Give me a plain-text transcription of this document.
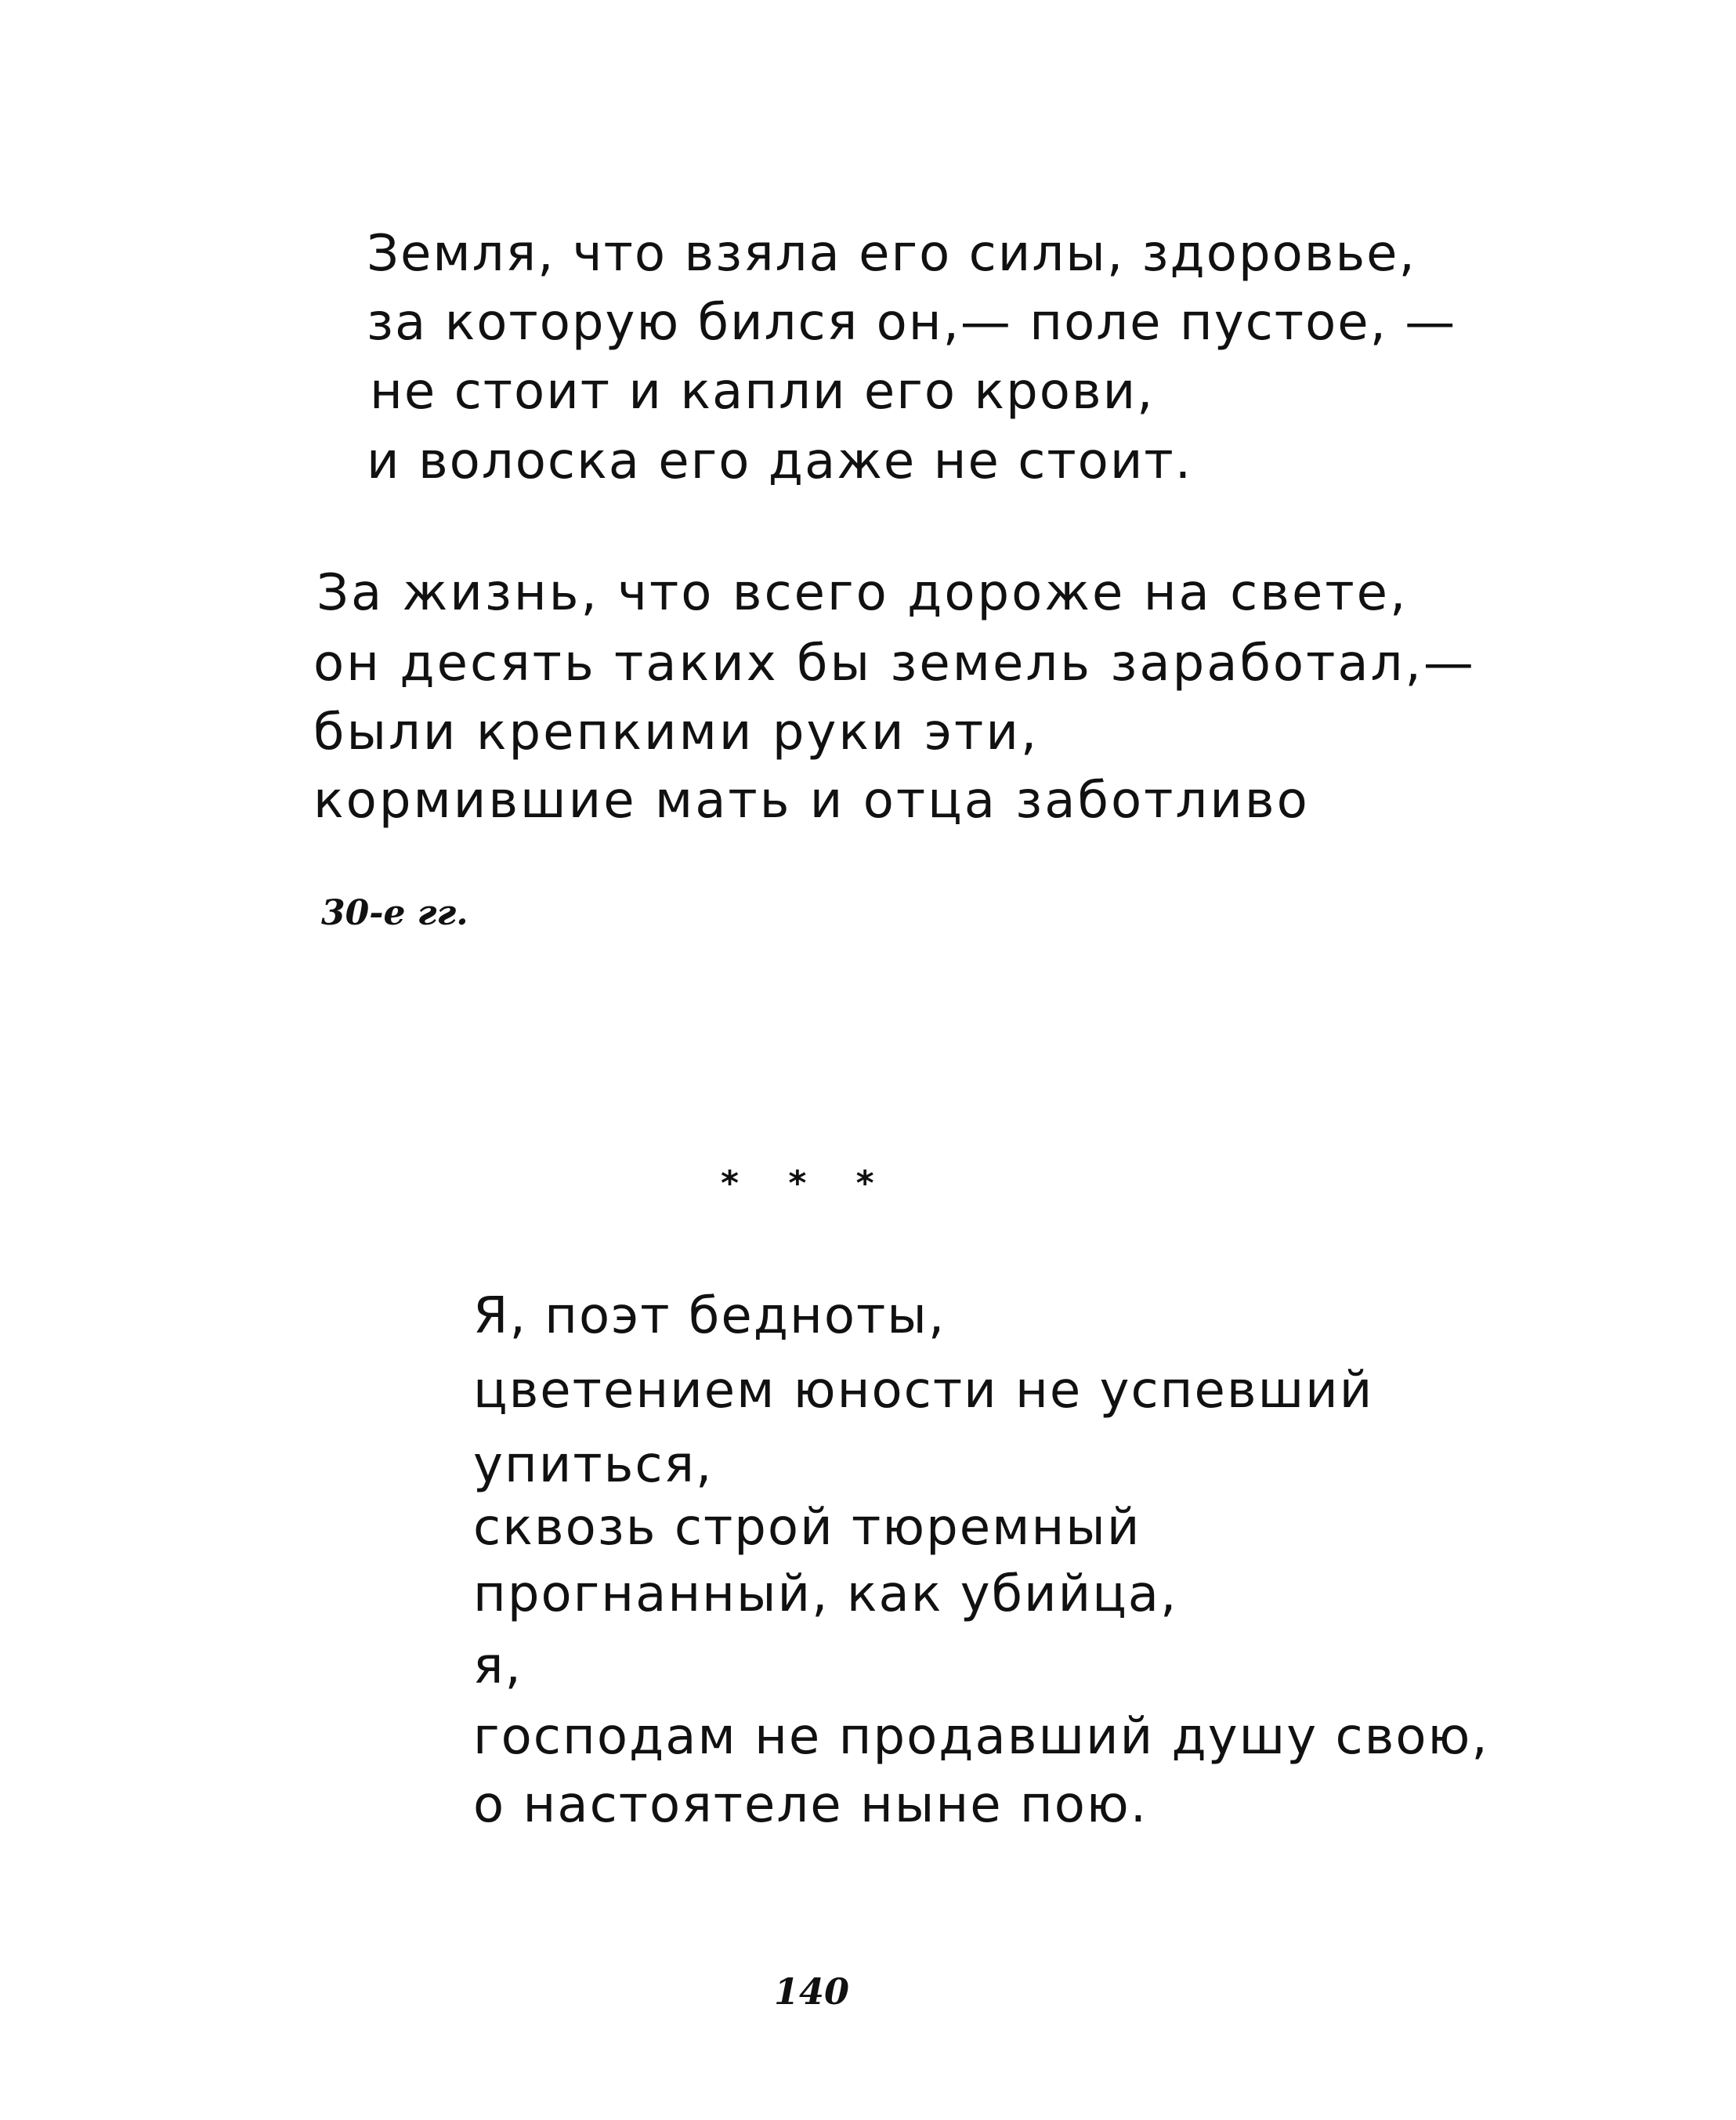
Земля, что взяла его силы, здоровье,
за которую бился он,— поле пустое, —
не стоит и капли его крови,
и волоска его даже не стоит.
За жизнь, что всего дороже на свете,
он десять таких бы земель заработал,—
были крепкими руки эти,
кормившие мать и отца заботливо
30-е гг.
* * *
Я, поэт бедноты,
цветением юности не успевший
упиться,
сквозь строй тюремный
прогнанный, как убийца,
я,
господам не продавший душу свою,
о настоятеле ныне пою.
140
